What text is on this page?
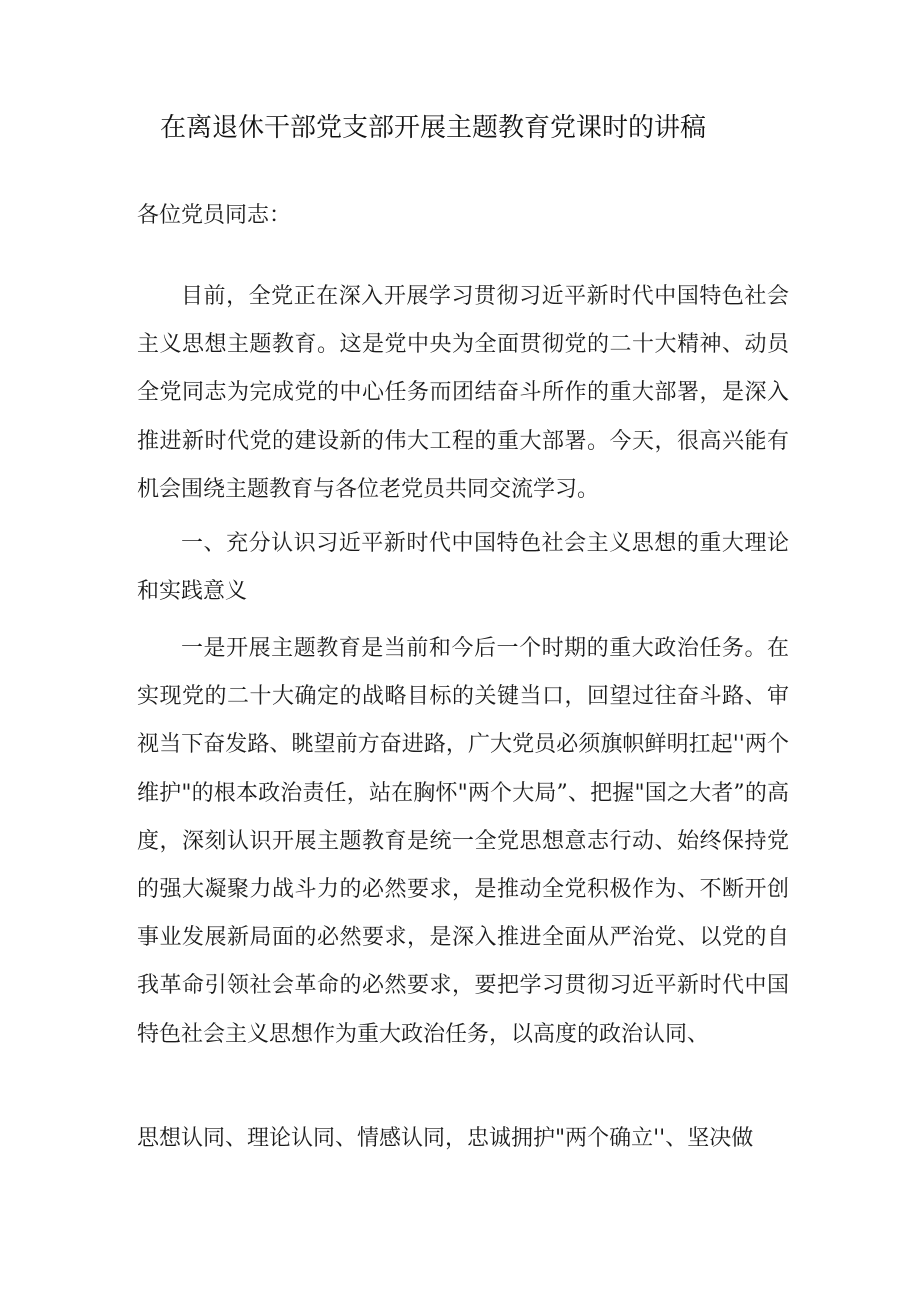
在离退休干部党支部开展主题教育党课时的讲稿
各位党员同志：
目前，全党正在深入开展学习贯彻习近平新时代中国特色社会主义思想主题教育。这是党中央为全面贯彻党的二十大精神、动员全党同志为完成党的中心任务而团结奋斗所作的重大部署，是深入推进新时代党的建设新的伟大工程的重大部署。今天，很高兴能有机会围绕主题教育与各位老党员共同交流学习。
一、充分认识习近平新时代中国特色社会主义思想的重大理论和实践意义
一是开展主题教育是当前和今后一个时期的重大政治任务。在实现党的二十大确定的战略目标的关键当口，回望过往奋斗路、审视当下奋发路、眺望前方奋进路，广大党员必须旗帜鲜明扛起''两个维护"的根本政治责任，站在胸怀"两个大局”、把握"国之大者”的高度，深刻认识开展主题教育是统一全党思想意志行动、始终保持党的强大凝聚力战斗力的必然要求，是推动全党积极作为、不断开创事业发展新局面的必然要求，是深入推进全面从严治党、以党的自我革命引领社会革命的必然要求，要把学习贯彻习近平新时代中国特色社会主义思想作为重大政治任务，以高度的政治认同、
思想认同、理论认同、情感认同，忠诚拥护"两个确立''、坚决做
